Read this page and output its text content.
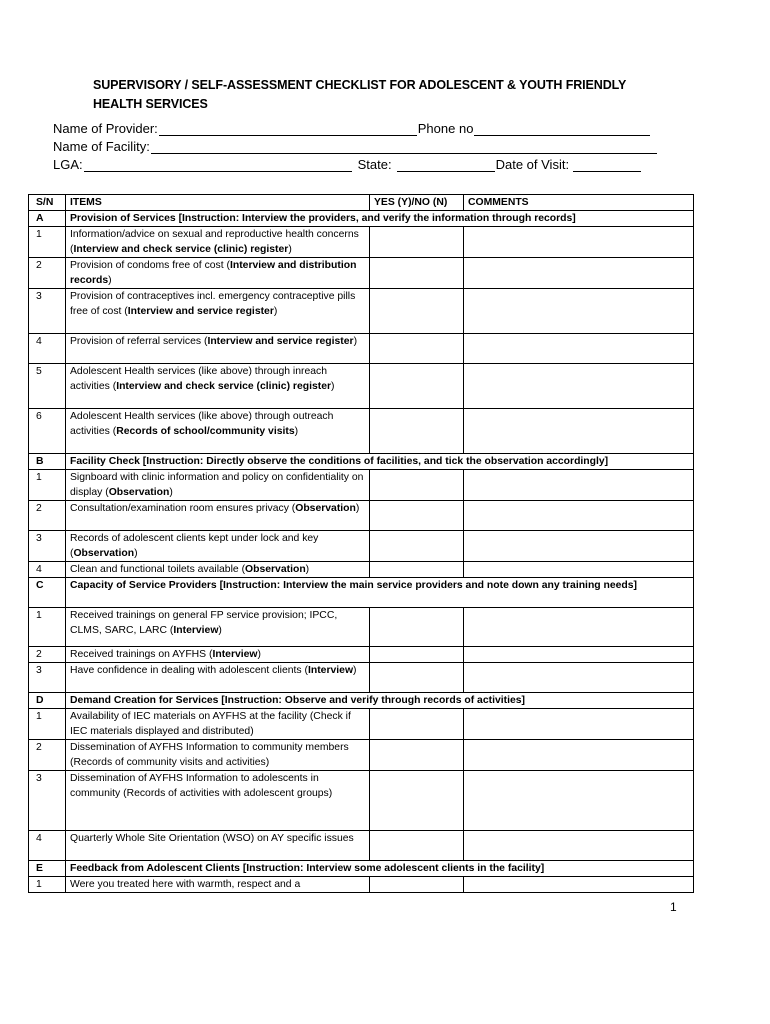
SUPERVISORY / SELF-ASSESSMENT CHECKLIST FOR ADOLESCENT & YOUTH FRIENDLY HEALTH SERVICES
Name of Provider:	Phone no
Name of Facility:
LGA:	State:	Date of Visit:
S/N	ITEMS	YES (Y)/NO (N)	COMMENTS
A	Provision of Services [Instruction: Interview the providers, and verify the information through records]		
1	Information/advice on sexual and reproductive health concerns (Interview and check service (clinic) register)		
2	Provision of condoms free of cost (Interview and distribution records)		
3	Provision of contraceptives incl. emergency contraceptive pills free of cost (Interview and service register)		
4	Provision of referral services (Interview and service register)		
5	Adolescent Health services (like above) through inreach activities (Interview and check service (clinic) register)		
6	Adolescent Health services (like above) through outreach activities (Records of school/community visits)		
B	Facility Check [Instruction: Directly observe the conditions of facilities, and tick the observation accordingly]		
1	Signboard with clinic information and policy on confidentiality on display (Observation)		
2	Consultation/examination room ensures privacy (Observation)		
3	Records of adolescent clients kept under lock and key (Observation)		
4	Clean and functional toilets available (Observation)		
C	Capacity of Service Providers [Instruction: Interview the main service providers and note down any training needs]		
1	Received trainings on general FP service provision; IPCC, CLMS, SARC, LARC (Interview)		
2	Received trainings on AYFHS (Interview)		
3	Have confidence in dealing with adolescent clients (Interview)		
D	Demand Creation for Services [Instruction: Observe and verify through records of activities]		
1	Availability of IEC materials on AYFHS at the facility (Check if IEC materials displayed and distributed)		
2	Dissemination of AYFHS Information to community members (Records of community visits and activities)		
3	Dissemination of AYFHS Information to adolescents in community (Records of activities with adolescent groups)		
4	Quarterly Whole Site Orientation (WSO) on AY specific issues		
E	Feedback from Adolescent Clients [Instruction: Interview some adolescent clients in the facility]		
1	Were you treated here with warmth, respect and a		
1
